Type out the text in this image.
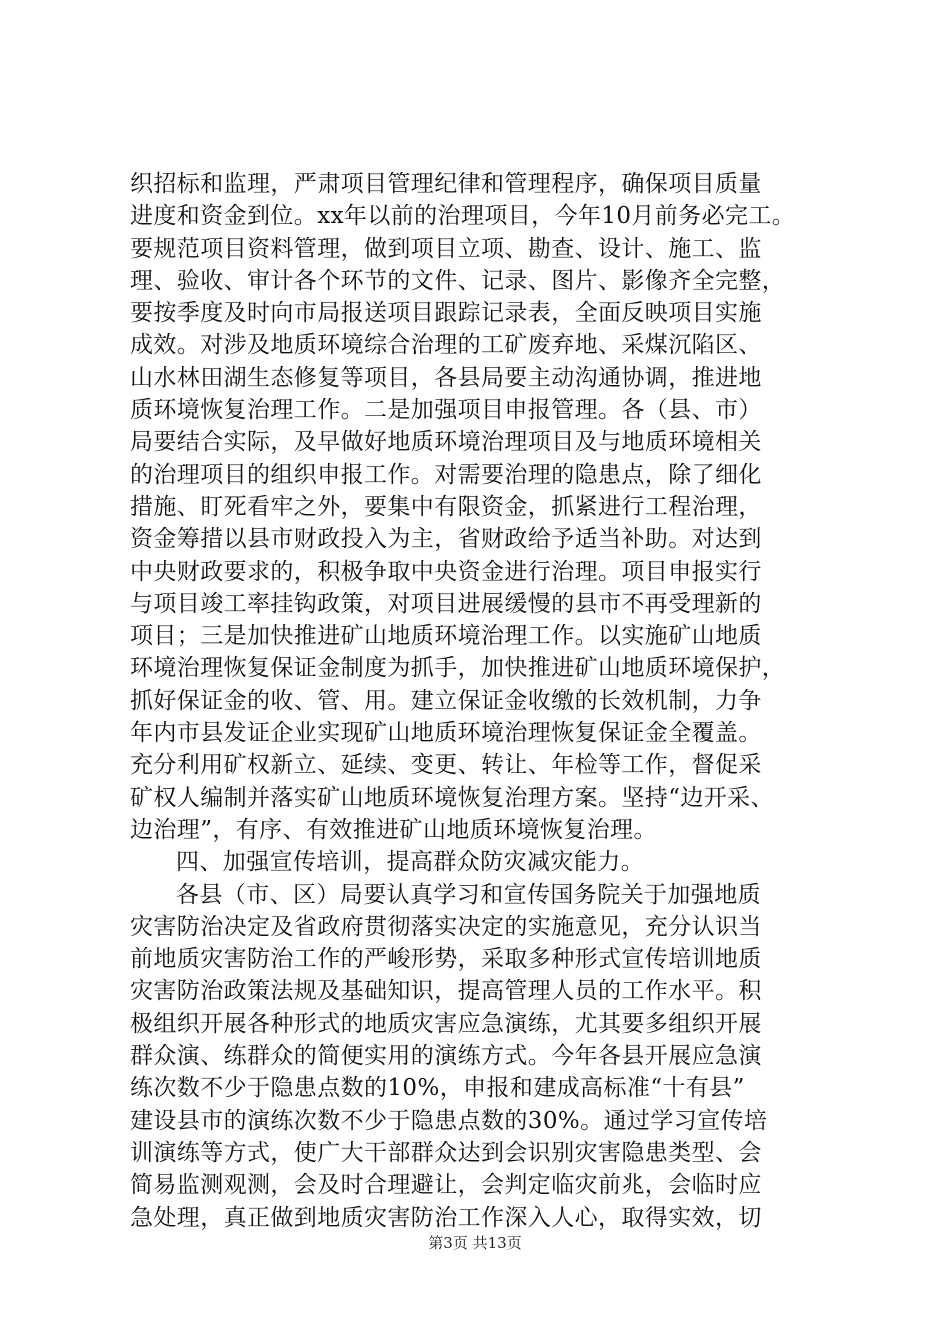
织招标和监理，严肃项目管理纪律和管理程序，确保项目质量
进度和资金到位。xx年以前的治理项目，今年10月前务必完工。
要规范项目资料管理，做到项目立项、勘查、设计、施工、监
理、验收、审计各个环节的文件、记录、图片、影像齐全完整，
要按季度及时向市局报送项目跟踪记录表，全面反映项目实施
成效。对涉及地质环境综合治理的工矿废弃地、采煤沉陷区、
山水林田湖生态修复等项目，各县局要主动沟通协调，推进地
质环境恢复治理工作。二是加强项目申报管理。各（县、市）
局要结合实际，及早做好地质环境治理项目及与地质环境相关
的治理项目的组织申报工作。对需要治理的隐患点，除了细化
措施、盯死看牢之外，要集中有限资金，抓紧进行工程治理，
资金筹措以县市财政投入为主，省财政给予适当补助。对达到
中央财政要求的，积极争取中央资金进行治理。项目申报实行
与项目竣工率挂钩政策，对项目进展缓慢的县市不再受理新的
项目；三是加快推进矿山地质环境治理工作。以实施矿山地质
环境治理恢复保证金制度为抓手，加快推进矿山地质环境保护，
抓好保证金的收、管、用。建立保证金收缴的长效机制，力争
年内市县发证企业实现矿山地质环境治理恢复保证金全覆盖。
充分利用矿权新立、延续、变更、转让、年检等工作，督促采
矿权人编制并落实矿山地质环境恢复治理方案。坚持“边开采、
边治理”，有序、有效推进矿山地质环境恢复治理。
四、加强宣传培训，提高群众防灾减灾能力。
各县（市、区）局要认真学习和宣传国务院关于加强地质
灾害防治决定及省政府贯彻落实决定的实施意见，充分认识当
前地质灾害防治工作的严峻形势，采取多种形式宣传培训地质
灾害防治政策法规及基础知识，提高管理人员的工作水平。积
极组织开展各种形式的地质灾害应急演练，尤其要多组织开展
群众演、练群众的简便实用的演练方式。今年各县开展应急演
练次数不少于隐患点数的10%，申报和建成高标准“十有县”
建设县市的演练次数不少于隐患点数的30%。通过学习宣传培
训演练等方式，使广大干部群众达到会识别灾害隐患类型、会
简易监测观测，会及时合理避让，会判定临灾前兆，会临时应
急处理，真正做到地质灾害防治工作深入人心，取得实效，切
第3页 共13页
